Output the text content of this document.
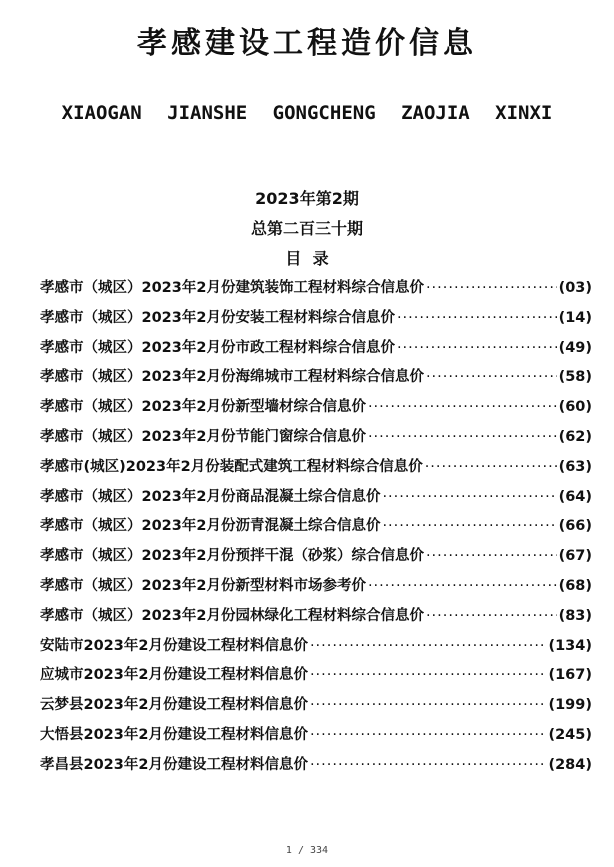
孝感建设工程造价信息
XIAOGAN JIANSHE GONGCHENG ZAOJIA XINXI
2023年第2期
总第二百三十期
目  录
孝感市（城区）2023年2月份建筑装饰工程材料综合信息价 ·····	(03)
孝感市（城区）2023年2月份安装工程材料综合信息价 ·····	(14)
孝感市（城区）2023年2月份市政工程材料综合信息价 ·····	(49)
孝感市（城区）2023年2月份海绵城市工程材料综合信息价 ·····	(58)
孝感市（城区）2023年2月份新型墙材综合信息价 ·····	(60)
孝感市（城区）2023年2月份节能门窗综合信息价 ·····	(62)
孝感市(城区)2023年2月份装配式建筑工程材料综合信息价 ·····	(63)
孝感市（城区）2023年2月份商品混凝土综合信息价 ·····	(64)
孝感市（城区）2023年2月份沥青混凝土综合信息价 ·····	(66)
孝感市（城区）2023年2月份预拌干混（砂浆）综合信息价 ·····	(67)
孝感市（城区）2023年2月份新型材料市场参考价 ·····	(68)
孝感市（城区）2023年2月份园林绿化工程材料综合信息价 ·····	(83)
安陆市2023年2月份建设工程材料信息价 ·····	(134)
应城市2023年2月份建设工程材料信息价 ·····	(167)
云梦县2023年2月份建设工程材料信息价 ·····	(199)
大悟县2023年2月份建设工程材料信息价 ·····	(245)
孝昌县2023年2月份建设工程材料信息价 ·····	(284)
1 / 334
